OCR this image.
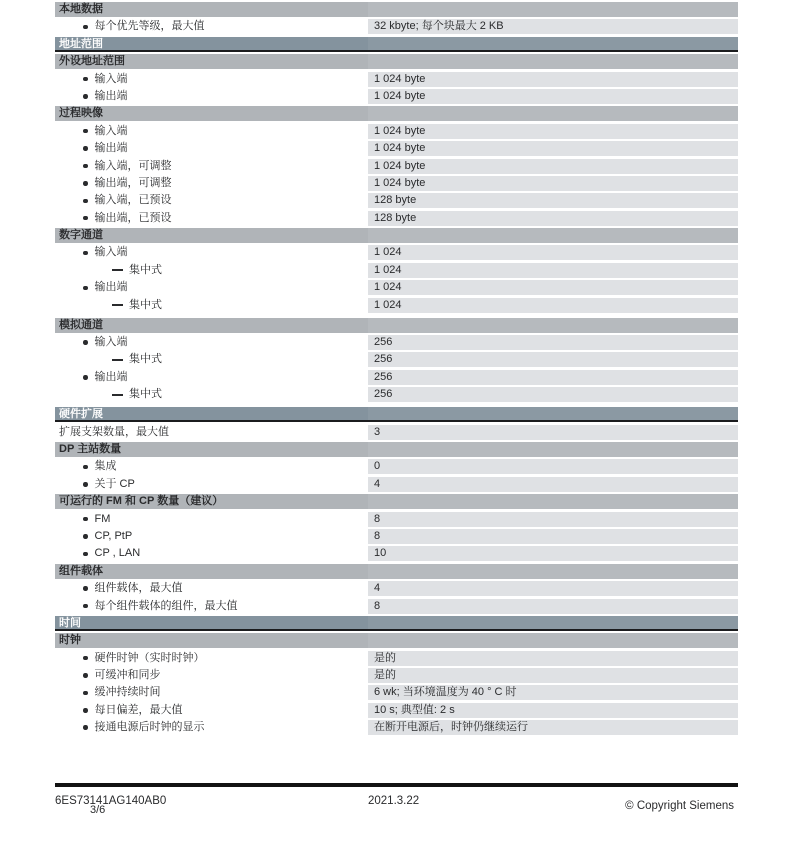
本地数据
每个优先等级，最大值	32 kbyte; 每个块最大 2 KB
地址范围
外设地址范围
输入端	1 024 byte
输出端	1 024 byte
过程映像
输入端	1 024 byte
输出端	1 024 byte
输入端，可调整	1 024 byte
输出端，可调整	1 024 byte
输入端，已预设	128 byte
输出端，已预设	128 byte
数字通道
输入端	1 024
集中式	1 024
输出端	1 024
集中式	1 024
模拟通道
输入端	256
集中式	256
输出端	256
集中式	256
硬件扩展
扩展支架数量，最大值	3
DP 主站数量
集成	0
关于 CP	4
可运行的 FM 和 CP 数量（建议）
FM	8
CP, PtP	8
CP , LAN	10
组件载体
组件载体，最大值	4
每个组件载体的组件，最大值	8
时间
时钟
硬件时钟（实时时钟）	是的
可缓冲和同步	是的
缓冲持续时间	6 wk; 当环境温度为 40 ° C 时
每日偏差，最大值	10 s; 典型值: 2 s
接通电源后时钟的显示	在断开电源后，时钟仍继续运行
6ES73141AG140AB0
3/6
2021.3.22	© Copyright Siemens
